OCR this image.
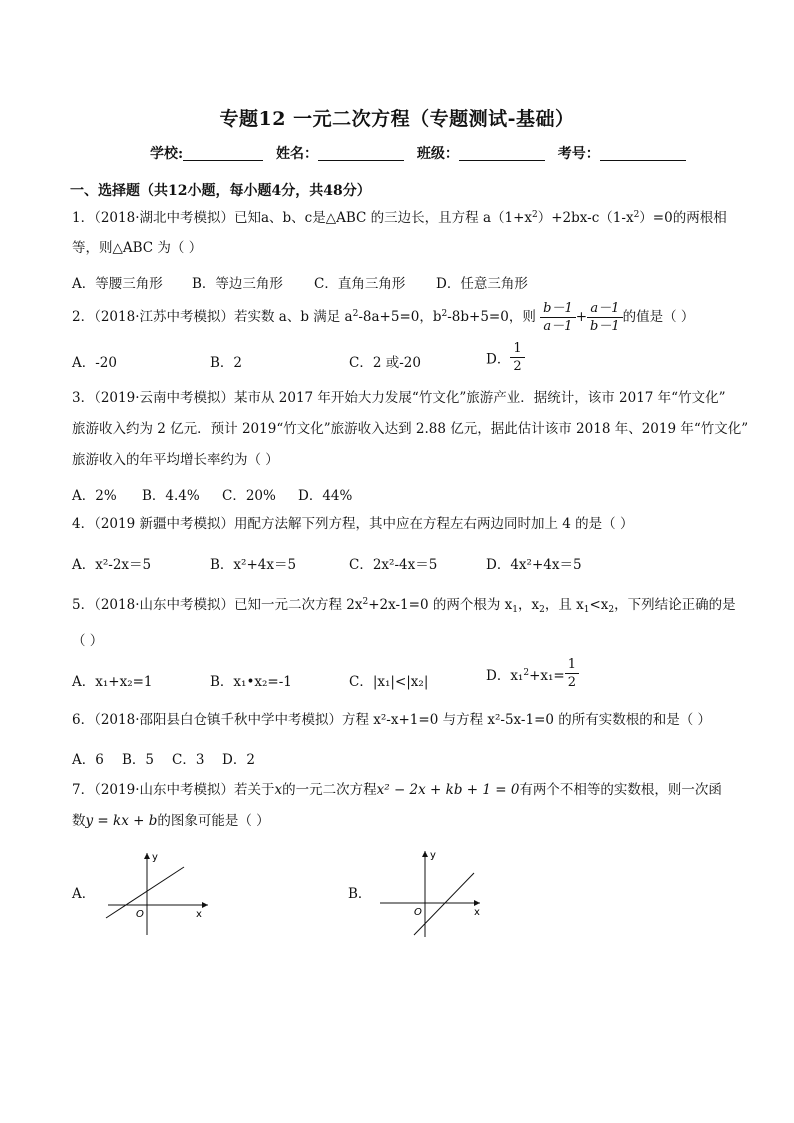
专题12 一元二次方程（专题测试-基础）
学校:	姓名：	班级：	考号：
一、选择题（共12小题，每小题4分，共48分）
1．（2018·湖北中考模拟）已知a、b、c是△ABC 的三边长，且方程 $a(1+x^2)+2bx-c(1-x^2)=0$的两根相
等，则△ABC 为（ ）
A．等腰三角形 B．等边三角形 C．直角三角形 D．任意三角形
2．（2018·江苏中考模拟）若实数 a、b 满足 $a^2-8a+5=0$，$b^2-8b+5=0$，则 $\frac{b-1}{a-1} + \frac{a-1}{b-1}$ 的值是（ ）
A．-20	B．2	C．2 或-20	D． $\frac{1}{2}$
3．（2019·云南中考模拟）某市从 2017 年开始大力发展“竹文化”旅游产业．据统计，该市 2017 年“竹文化”
旅游收入约为 2 亿元．预计 2019“竹文化”旅游收入达到 2.88 亿元，据此估计该市 2018 年、2019 年“竹文化”
旅游收入的年平均增长率约为（ ）
A．2% B．4.4% C．20% D．44%
4．（2019 新疆中考模拟）用配方法解下列方程，其中应在方程左右两边同时加上 4 的是（ ）
A．x²-2x＝5	B．x²+4x＝5	C．2x²-4x＝5	D．4x²+4x＝5
5．（2018·山东中考模拟）已知一元二次方程 $2x^2+2x-1=0$ 的两个根为 $x_1$，$x_2$，且 $x_1<x_2$，下列结论正确的是
（ ）
A．x₁+x₂=1	B．x₁•x₂=-1	C．|x₁|<|x₂|	D．$x_1^2+x_1= \frac{1}{2}$
6．（2018·邵阳县白仓镇千秋中学中考模拟）方程 x²-x+1=0 与方程 x²-5x-1=0 的所有实数根的和是（ ）
A．6 B．5 C．3 D．2
7．（2019·山东中考模拟）若关于x的一元二次方程x² − 2x + kb + 1 = 0有两个不相等的实数根，则一次函
数y = kx + b的图象可能是（ ）
A．
y
x
O
B．
y
x
O
